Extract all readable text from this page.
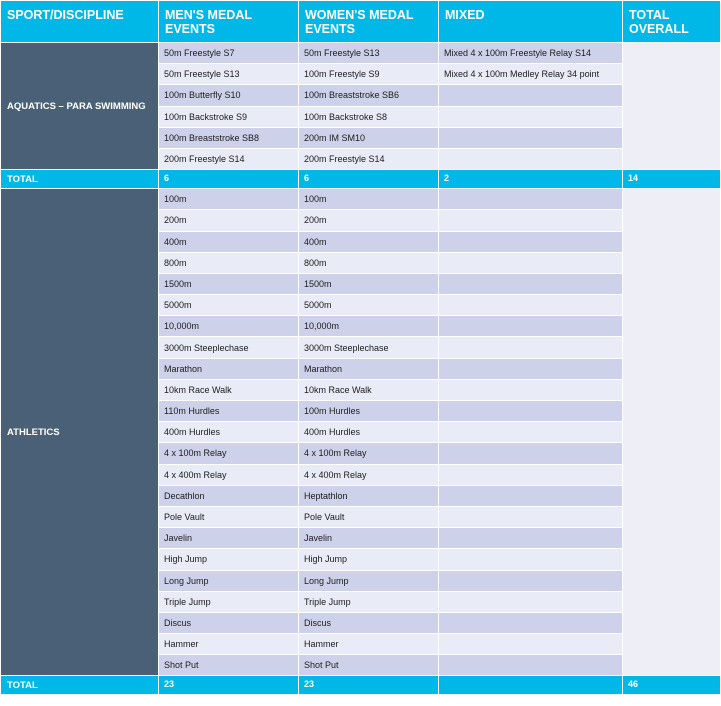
SPORT/DISCIPLINE	MEN'S MEDAL EVENTS	WOMEN'S MEDAL EVENTS	MIXED	TOTAL OVERALL
AQUATICS – PARA SWIMMING	50m Freestyle S7	50m Freestyle S13	Mixed 4 x 100m Freestyle Relay S14	
	50m Freestyle S13	100m Freestyle S9	Mixed 4 x 100m Medley Relay 34 point	
	100m Butterfly S10	100m Breaststroke SB6		
	100m Backstroke S9	100m Backstroke S8		
	100m Breaststroke SB8	200m IM SM10		
	200m Freestyle S14	200m Freestyle S14		
TOTAL	6	6	2	14
ATHLETICS	100m	100m		
	200m	200m		
	400m	400m		
	800m	800m		
	1500m	1500m		
	5000m	5000m		
	10,000m	10,000m		
	3000m Steeplechase	3000m Steeplechase		
	Marathon	Marathon		
	10km Race Walk	10km Race Walk		
	110m Hurdles	100m Hurdles		
	400m Hurdles	400m Hurdles		
	4 x 100m Relay	4 x 100m Relay		
	4 x 400m Relay	4 x 400m Relay		
	Decathlon	Heptathlon		
	Pole Vault	Pole Vault		
	Javelin	Javelin		
	High Jump	High Jump		
	Long Jump	Long Jump		
	Triple Jump	Triple Jump		
	Discus	Discus		
	Hammer	Hammer		
	Shot Put	Shot Put		
TOTAL	23	23		46
